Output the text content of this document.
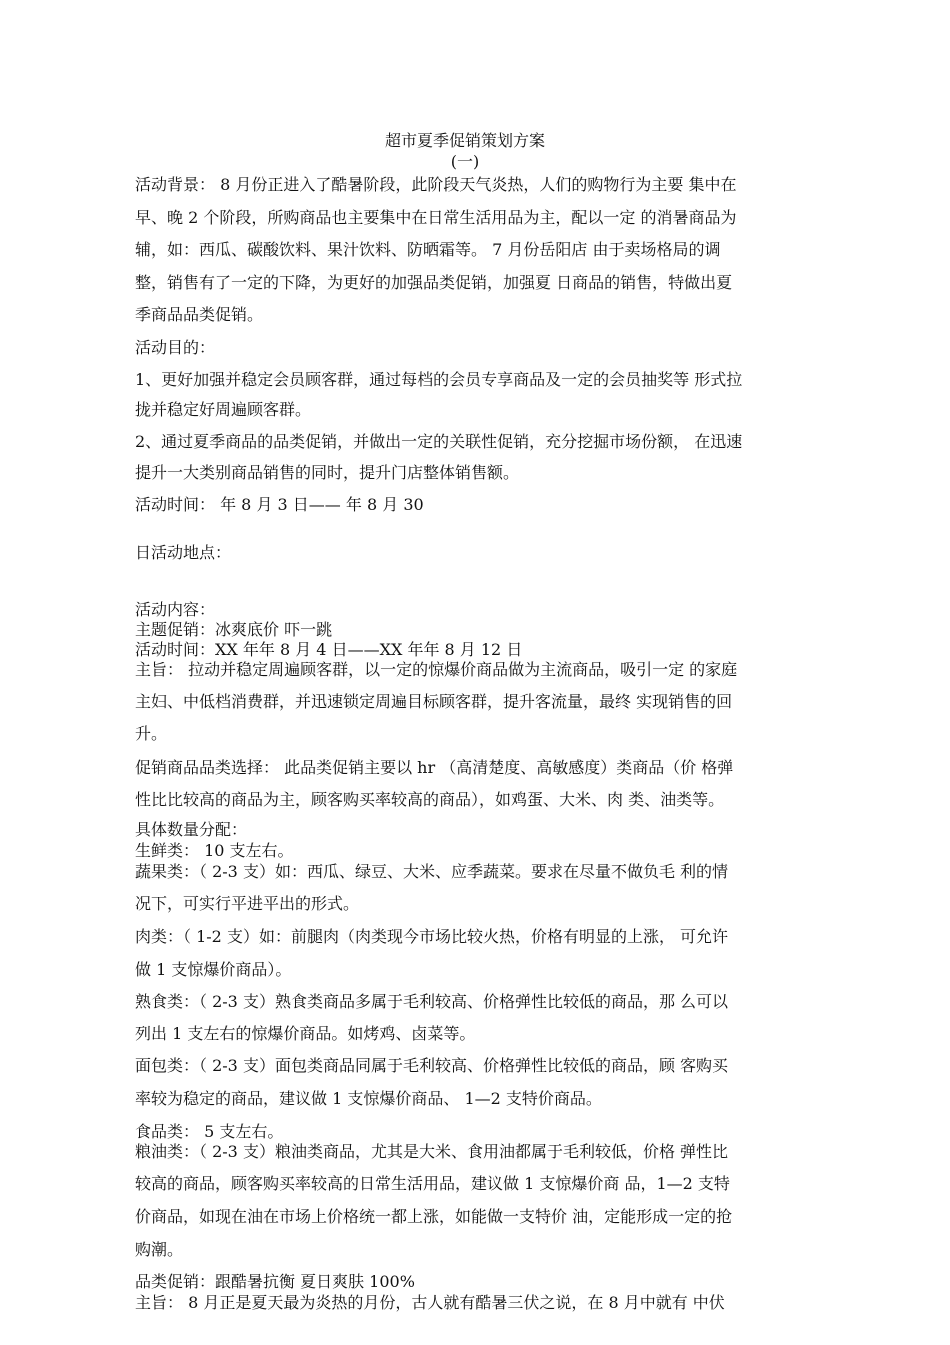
超市夏季促销策划方案
(一)

活动背景： 8 月份正进入了酷暑阶段，此阶段天气炎热，人们的购物行为主要 集中在

早、晚 2 个阶段，所购商品也主要集中在日常生活用品为主，配以一定 的消暑商品为

辅，如：西瓜、碳酸饮料、果汁饮料、防晒霜等。 7 月份岳阳店 由于卖场格局的调

整，销售有了一定的下降，为更好的加强品类促销，加强夏 日商品的销售，特做出夏

季商品品类促销。

活动目的：

1、更好加强并稳定会员顾客群，通过每档的会员专享商品及一定的会员抽奖等 形式拉

拢并稳定好周遍顾客群。

2、通过夏季商品的品类促销，并做出一定的关联性促销，充分挖掘市场份额， 在迅速

提升一大类别商品销售的同时，提升门店整体销售额。

活动时间： 年 8 月 3 日—— 年 8 月 30

日活动地点：

活动内容：

主题促销：冰爽底价 吓一跳

活动时间：XX 年年 8 月 4 日——XX 年年 8 月 12 日

主旨： 拉动并稳定周遍顾客群，以一定的惊爆价商品做为主流商品，吸引一定 的家庭

主妇、中低档消费群，并迅速锁定周遍目标顾客群，提升客流量，最终 实现销售的回

升。

促销商品品类选择： 此品类促销主要以 hr （高清楚度、高敏感度）类商品（价 格弹

性比比较高的商品为主，顾客购买率较高的商品），如鸡蛋、大米、肉 类、油类等。

具体数量分配：

生鲜类： 10 支左右。

蔬果类：（ 2-3 支）如：西瓜、绿豆、大米、应季蔬菜。要求在尽量不做负毛 利的情

况下，可实行平进平出的形式。

肉类：（ 1-2 支）如：前腿肉（肉类现今市场比较火热，价格有明显的上涨， 可允许

做 1 支惊爆价商品）。

熟食类：（ 2-3 支）熟食类商品多属于毛利较高、价格弹性比较低的商品，那 么可以

列出 1 支左右的惊爆价商品。如烤鸡、卤菜等。

面包类：（ 2-3 支）面包类商品同属于毛利较高、价格弹性比较低的商品，顾 客购买

率较为稳定的商品，建议做 1 支惊爆价商品、 1—2 支特价商品。

食品类： 5 支左右。

粮油类：（ 2-3 支）粮油类商品，尤其是大米、食用油都属于毛利较低，价格 弹性比

较高的商品，顾客购买率较高的日常生活用品，建议做 1 支惊爆价商 品，1—2 支特

价商品，如现在油在市场上价格统一都上涨，如能做一支特价 油，定能形成一定的抢

购潮。

品类促销：跟酷暑抗衡 夏日爽肤 100%

主旨： 8 月正是夏天最为炎热的月份，古人就有酷暑三伏之说，在 8 月中就有 中伏
